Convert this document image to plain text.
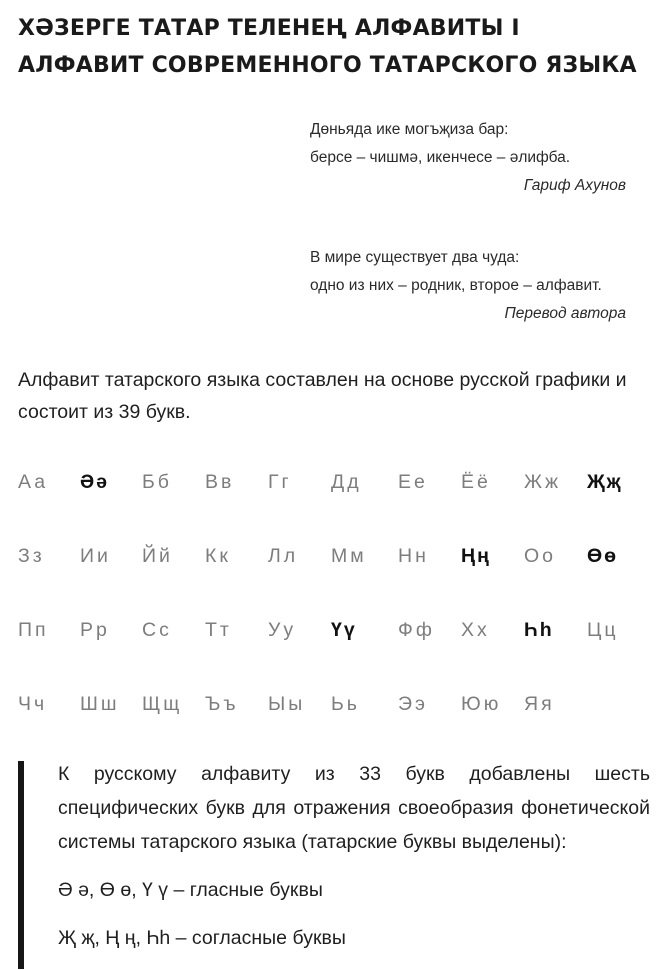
ХӘЗЕРГЕ ТАТАР ТЕЛЕНЕҢ АЛФАВИТЫ I
АЛФАВИТ СОВРЕМЕННОГО ТАТАРСКОГО ЯЗЫКА
Дөньяда ике могъҗиза бар:
берсе – чишмә, икенчесе – әлифба.
Гариф Ахунов
В мире существует два чуда:
одно из них – родник, второе – алфавит.
Перевод автора
Алфавит татарского языка составлен на основе русской графики и состоит из 39 букв.
Аа Әә Бб Вв Гг Дд Ее Ёё Жж Җҗ
Зз Ии Йй Кк Лл Мм Нн Ңң Оо Өө
Пп Рр Сс Тт Уу Үү Фф Хх Һһ Цц
Чч Шш Щщ Ъъ Ыы Ьь Ээ Юю Яя
К русскому алфавиту из 33 букв добавлены шесть специфических букв для отражения своеобразия фонетической системы татарского языка (татарские буквы выделены):
Ә ә, Ө ө, Ү ү – гласные буквы
Җ җ, Ң ң, Һһ – согласные буквы
